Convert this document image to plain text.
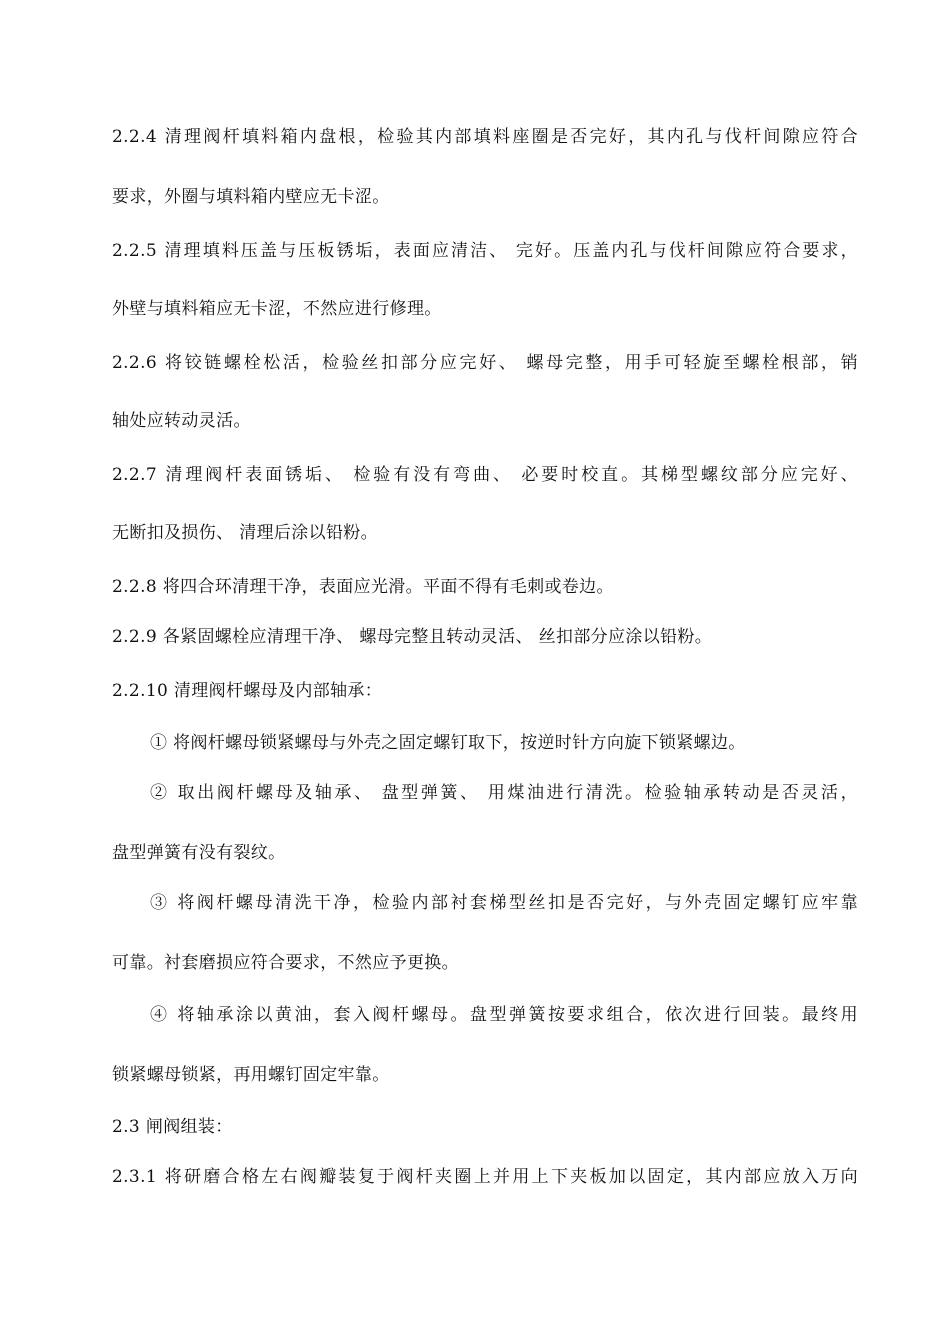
2.2.4 清理阀杆填料箱内盘根，检验其内部填料座圈是否完好，其内孔与伐杆间隙应符合
要求，外圈与填料箱内壁应无卡涩。
2.2.5 清理填料压盖与压板锈垢，表面应清洁、 完好。压盖内孔与伐杆间隙应符合要求，
外壁与填料箱应无卡涩，不然应进行修理。
2.2.6 将铰链螺栓松活，检验丝扣部分应完好、 螺母完整，用手可轻旋至螺栓根部，销
轴处应转动灵活。
2.2.7 清理阀杆表面锈垢、 检验有没有弯曲、 必要时校直。其梯型螺纹部分应完好、
无断扣及损伤、 清理后涂以铅粉。
2.2.8 将四合环清理干净，表面应光滑。平面不得有毛刺或卷边。
2.2.9 各紧固螺栓应清理干净、 螺母完整且转动灵活、 丝扣部分应涂以铅粉。
2.2.10 清理阀杆螺母及内部轴承：
① 将阀杆螺母锁紧螺母与外壳之固定螺钉取下，按逆时针方向旋下锁紧螺边。
② 取出阀杆螺母及轴承、 盘型弹簧、 用煤油进行清洗。检验轴承转动是否灵活，
盘型弹簧有没有裂纹。
③ 将阀杆螺母清洗干净，检验内部衬套梯型丝扣是否完好，与外壳固定螺钉应牢靠
可靠。衬套磨损应符合要求，不然应予更换。
④ 将轴承涂以黄油，套入阀杆螺母。盘型弹簧按要求组合，依次进行回装。最终用
锁紧螺母锁紧，再用螺钉固定牢靠。
2.3 闸阀组装：
2.3.1 将研磨合格左右阀瓣装复于阀杆夹圈上并用上下夹板加以固定，其内部应放入万向
